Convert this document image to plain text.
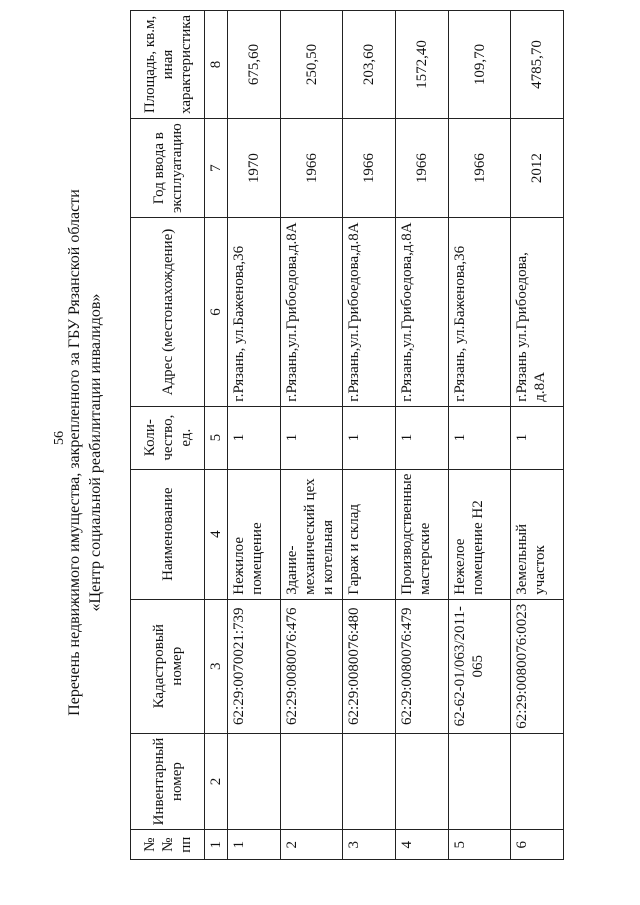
56 Перечень недвижимого имущества, закрепленного за ГБУ Рязанской области «Центр социальной реабилитации инвалидов»
№ № пп	Инвентарный номер	Кадастровый номер	Наименование	Коли-чество, ед.	Адрес (местонахождение)	Год ввода в эксплуатацию	Площадь, кв.м, иная характеристика
1	2	3	4	5	6	7	8
1		62:29:0070021:739	Нежилое помещение	1	г.Рязань, ул.Баженова,36	1970	675,60
2		62:29:0080076:476	Здание-механический цех и котельная	1	г.Рязань,ул.Грибоедова,д.8А	1966	250,50
3		62:29:0080076:480	Гараж и склад	1	г.Рязань,ул.Грибоедова,д.8А	1966	203,60
4		62:29:0080076:479	Производственные мастерские	1	г.Рязань,ул.Грибоедова,д.8А	1966	1572,40
5		62-62-01/063/2011-065	Нежелое помещение Н2	1	г.Рязань, ул.Баженова,36	1966	109,70
6		62:29:0080076:0023	Земельный участок	1	г.Рязань ул.Грибоедова, д.8А	2012	4785,70
